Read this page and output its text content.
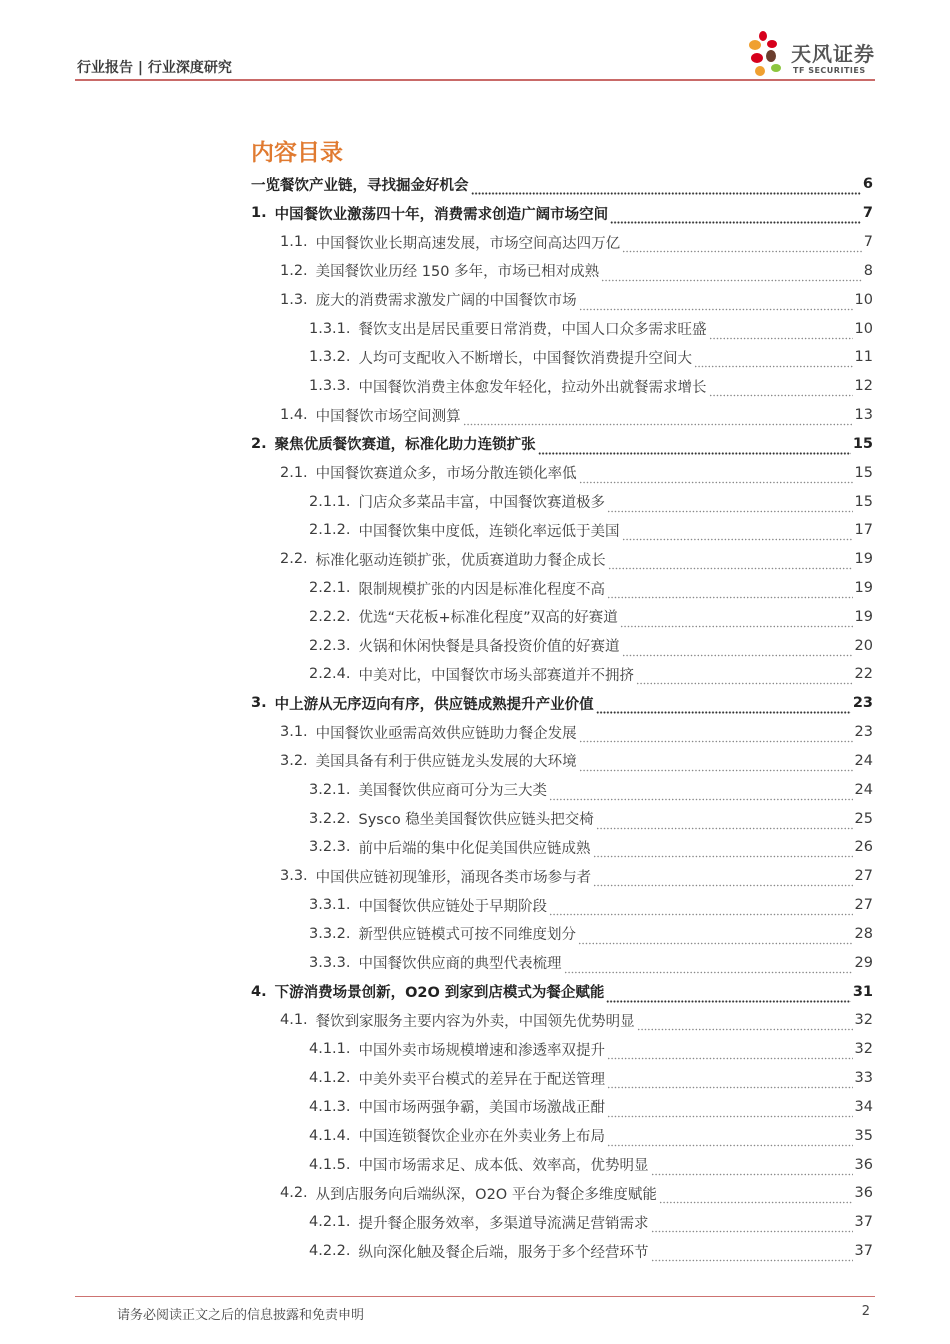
行业报告 | 行业深度研究
天风证券
TF SECURITIES
内容目录
一览餐饮产业链，寻找掘金好机会	6
1. 中国餐饮业激荡四十年，消费需求创造广阔市场空间	7
1.1. 中国餐饮业长期高速发展，市场空间高达四万亿	7
1.2. 美国餐饮业历经 150 多年，市场已相对成熟	8
1.3. 庞大的消费需求激发广阔的中国餐饮市场	10
1.3.1. 餐饮支出是居民重要日常消费，中国人口众多需求旺盛	10
1.3.2. 人均可支配收入不断增长，中国餐饮消费提升空间大	11
1.3.3. 中国餐饮消费主体愈发年轻化，拉动外出就餐需求增长	12
1.4. 中国餐饮市场空间测算	13
2. 聚焦优质餐饮赛道，标准化助力连锁扩张	15
2.1. 中国餐饮赛道众多，市场分散连锁化率低	15
2.1.1. 门店众多菜品丰富，中国餐饮赛道极多	15
2.1.2. 中国餐饮集中度低，连锁化率远低于美国	17
2.2. 标准化驱动连锁扩张，优质赛道助力餐企成长	19
2.2.1. 限制规模扩张的内因是标准化程度不高	19
2.2.2. 优选“天花板+标准化程度”双高的好赛道	19
2.2.3. 火锅和休闲快餐是具备投资价值的好赛道	20
2.2.4. 中美对比，中国餐饮市场头部赛道并不拥挤	22
3. 中上游从无序迈向有序，供应链成熟提升产业价值	23
3.1. 中国餐饮业亟需高效供应链助力餐企发展	23
3.2. 美国具备有利于供应链龙头发展的大环境	24
3.2.1. 美国餐饮供应商可分为三大类	24
3.2.2. Sysco 稳坐美国餐饮供应链头把交椅	25
3.2.3. 前中后端的集中化促美国供应链成熟	26
3.3. 中国供应链初现雏形，涌现各类市场参与者	27
3.3.1. 中国餐饮供应链处于早期阶段	27
3.3.2. 新型供应链模式可按不同维度划分	28
3.3.3. 中国餐饮供应商的典型代表梳理	29
4. 下游消费场景创新，O2O 到家到店模式为餐企赋能	31
4.1. 餐饮到家服务主要内容为外卖，中国领先优势明显	32
4.1.1. 中国外卖市场规模增速和渗透率双提升	32
4.1.2. 中美外卖平台模式的差异在于配送管理	33
4.1.3. 中国市场两强争霸，美国市场激战正酣	34
4.1.4. 中国连锁餐饮企业亦在外卖业务上布局	35
4.1.5. 中国市场需求足、成本低、效率高，优势明显	36
4.2. 从到店服务向后端纵深，O2O 平台为餐企多维度赋能	36
4.2.1. 提升餐企服务效率，多渠道导流满足营销需求	37
4.2.2. 纵向深化触及餐企后端，服务于多个经营环节	37
请务必阅读正文之后的信息披露和免责申明	2
